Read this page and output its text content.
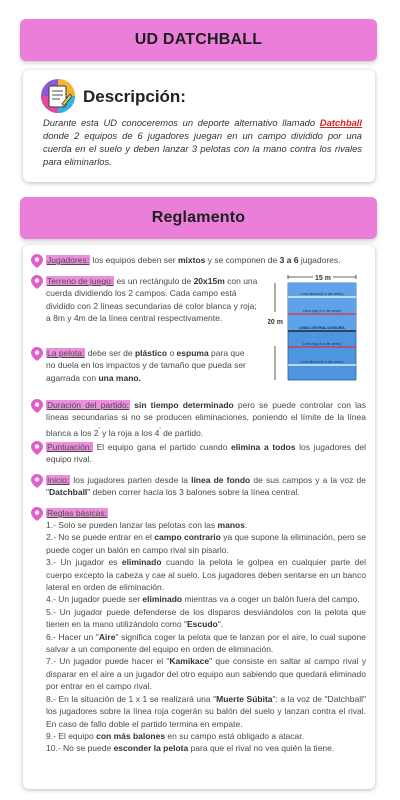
UD DATCHBALL
Descripción:

Durante esta UD conoceremos un deporte alternativo llamado Datchball donde 2 equipos de 6 jugadores juegan en un campo dividido por una cuerda en el suelo y deben lanzar 3 pelotas con la mano contra los rivales para eliminarlos.

Reglamento

Jugadores: los equipos deben ser mixtos y se componen de 3 a 6 jugadores.

Terreno de juego: es un rectángulo de 20x15m con una cuerda dividiendo los 2 campos. Cada campo está dividido con 2 líneas secundarias de color blanca y roja; a 8m y 4m de la línea central respectivamente.

15 m
20 m
Línea blanca (8 m del centro)
Línea roja (4 m del centro)
LÍNEA CENTRAL DIVISORIA
Línea roja (4 m del centro)
Línea blanca (8 m del centro)

La pelota: debe ser de plástico o espuma para que no duela en los impactos y de tamaño que pueda ser agarrada con una mano.

Duración del partido: sin tiempo determinado pero se puede controlar con las líneas secundarias si no se producen eliminaciones, poniendo el límite de la línea blanca a los 2' y la roja a los 4' de partido.

Puntuación: El equipo gana el partido cuando elimina a todos los jugadores del equipo rival.

Inicio: los jugadores parten desde la línea de fondo de sus campos y a la voz de "Datchball" deben correr hacia los 3 balones sobre la línea central.

Reglas básicas:

1.- Solo se pueden lanzar las pelotas con las manos.

2.- No se puede entrar en el campo contrario ya que supone la eliminación, pero se puede coger un balón en campo rival sin pisarlo.

3.- Un jugador es eliminado cuando la pelota le golpea en cualquier parte del cuerpo excepto la cabeza y cae al suelo. Los jugadores deben sentarse en un banco lateral en orden de eliminación.

4.- Un jugador puede ser eliminado mientras va a coger un balón fuera del campo.

5.- Un jugador puede defenderse de los disparos desviándolos con la pelota que tienen en la mano utilizándolo como "Escudo".

6.- Hacer un "Aire" significa coger la pelota que te lanzan por el aire, lo cual supone salvar a un componente del equipo en orden de eliminación.

7.- Un jugador puede hacer el "Kamikace" que consiste en saltar al campo rival y disparar en el aire a un jugador del otro equipo aun sabiendo que quedará eliminado por entrar en el campo rival.

8.- En la situación de 1 x 1 se realizará una "Muerte Súbita": a la voz de "Datchball" los jugadores sobre la línea roja cogerán su balón del suelo y lanzan contra el rival. En caso de fallo doble el partido termina en empate.

9.- El equipo con más balones en su campo está obligado a atacar.

10.- No se puede esconder la pelota para que el rival no vea quién la tiene.
